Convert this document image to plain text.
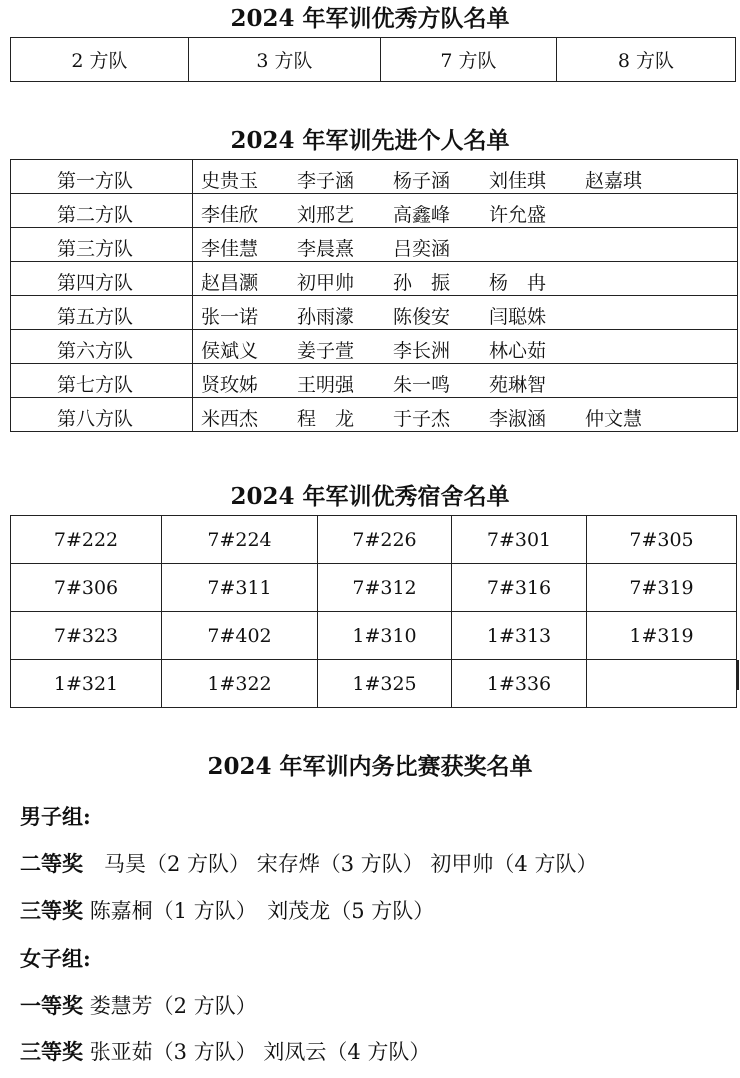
2024 年军训优秀方队名单
2 方队	3 方队	7 方队	8 方队
2024 年军训先进个人名单
第一方队	史贵玉 李子涵 杨子涵 刘佳琪 赵嘉琪
第二方队	李佳欣 刘邢艺 高鑫峰 许允盛
第三方队	李佳慧 李晨熹 吕奕涵
第四方队	赵昌灏 初甲帅 孙　振 杨　冉
第五方队	张一诺 孙雨濛 陈俊安 闫聪姝
第六方队	侯斌义 姜子萱 李长洲 林心茹
第七方队	贤玫姊 王明强 朱一鸣 苑琳智
第八方队	米西杰 程　龙 于子杰 李淑涵 仲文慧
2024 年军训优秀宿舍名单
7#222	7#224	7#226	7#301	7#305
7#306	7#311	7#312	7#316	7#319
7#323	7#402	1#310	1#313	1#319
1#321	1#322	1#325	1#336	
2024 年军训内务比赛获奖名单

男子组:

二等奖　 马昊（2 方队） 宋存烨（3 方队） 初甲帅（4 方队）

三等奖 陈嘉桐（1 方队）　刘茂龙（5 方队）

女子组:

一等奖 娄慧芳（2 方队）

三等奖 张亚茹（3 方队） 刘凤云（4 方队）
